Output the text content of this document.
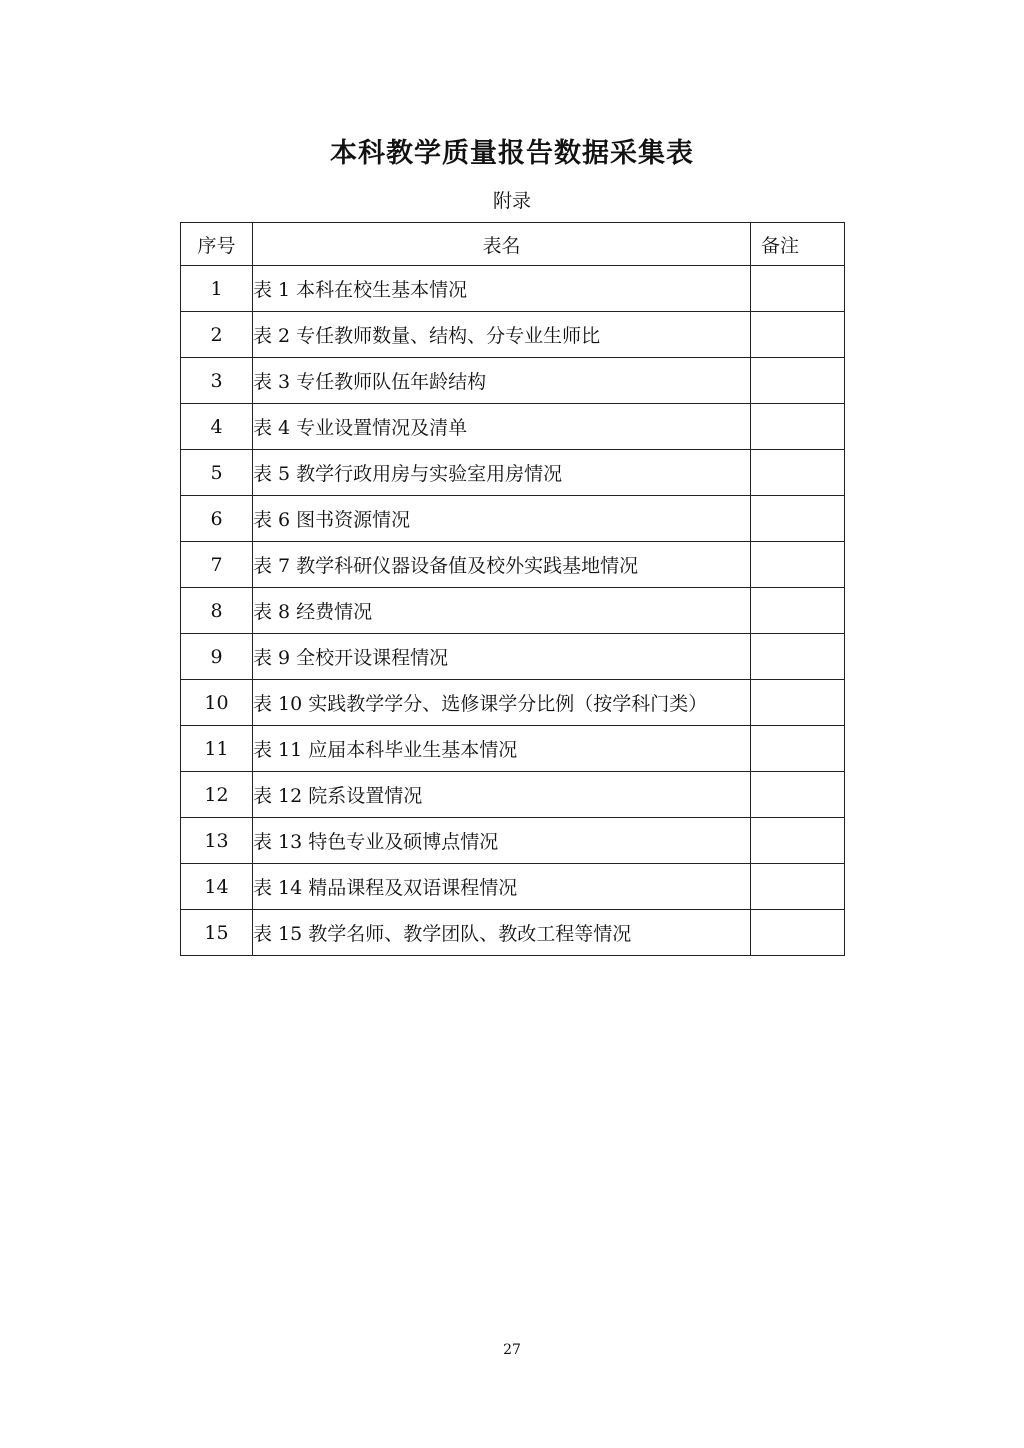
本科教学质量报告数据采集表
附录
序号	表名	备注
1	表 1 本科在校生基本情况	
2	表 2 专任教师数量、结构、分专业生师比	
3	表 3 专任教师队伍年龄结构	
4	表 4 专业设置情况及清单	
5	表 5 教学行政用房与实验室用房情况	
6	表 6 图书资源情况	
7	表 7 教学科研仪器设备值及校外实践基地情况	
8	表 8 经费情况	
9	表 9 全校开设课程情况	
10	表 10 实践教学学分、选修课学分比例（按学科门类）	
11	表 11 应届本科毕业生基本情况	
12	表 12 院系设置情况	
13	表 13 特色专业及硕博点情况	
14	表 14 精品课程及双语课程情况	
15	表 15 教学名师、教学团队、教改工程等情况	
27
